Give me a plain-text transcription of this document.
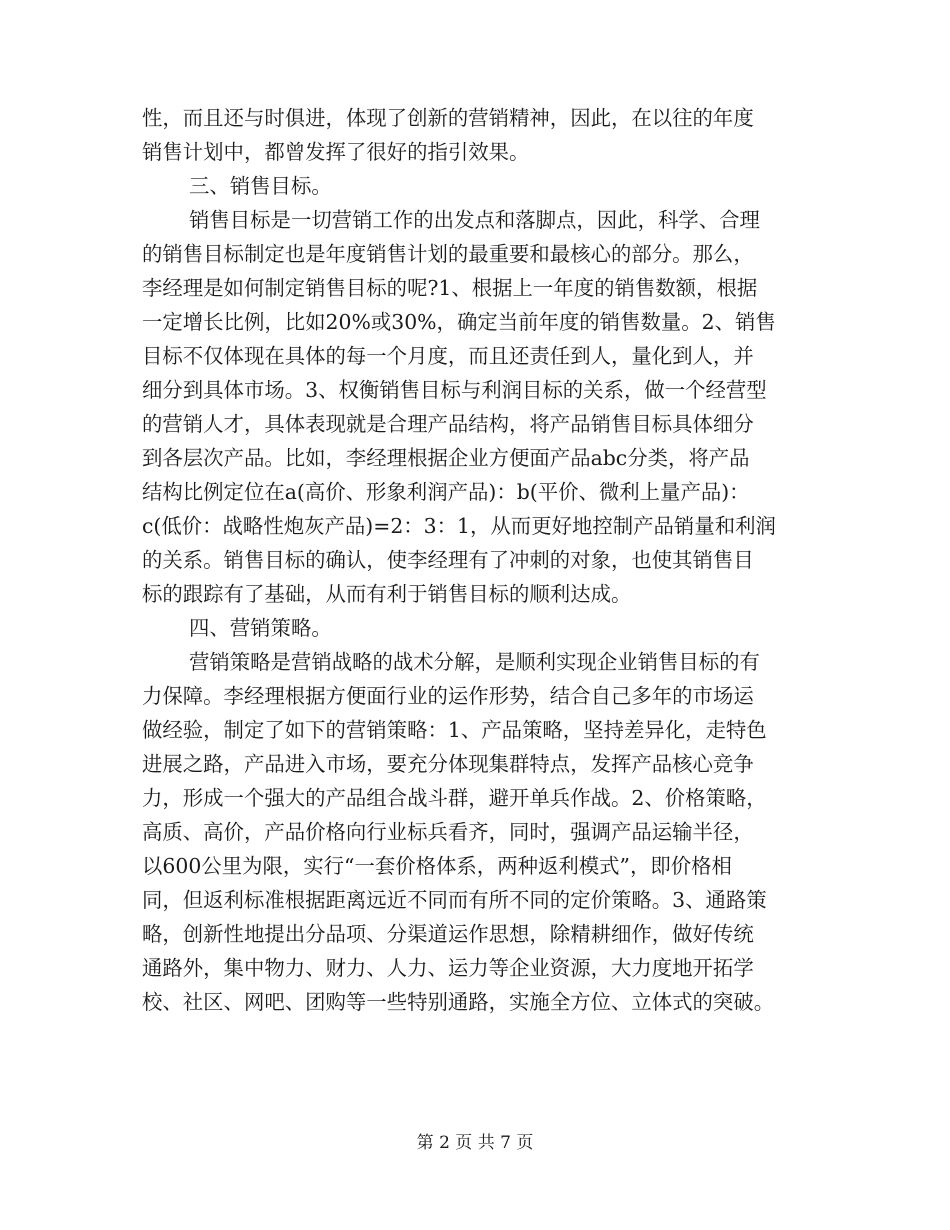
性，而且还与时俱进，体现了创新的营销精神，因此，在以往的年度
销售计划中，都曾发挥了很好的指引效果。
三、销售目标。
销售目标是一切营销工作的出发点和落脚点，因此，科学、合理
的销售目标制定也是年度销售计划的最重要和最核心的部分。那么，
李经理是如何制定销售目标的呢?1、根据上一年度的销售数额，根据
一定增长比例，比如20%或30%，确定当前年度的销售数量。2、销售
目标不仅体现在具体的每一个月度，而且还责任到人，量化到人，并
细分到具体市场。3、权衡销售目标与利润目标的关系，做一个经营型
的营销人才，具体表现就是合理产品结构，将产品销售目标具体细分
到各层次产品。比如，李经理根据企业方便面产品abc分类，将产品
结构比例定位在a(高价、形象利润产品)：b(平价、微利上量产品)：
c(低价：战略性炮灰产品)=2：3：1，从而更好地控制产品销量和利润
的关系。销售目标的确认，使李经理有了冲刺的对象，也使其销售目
标的跟踪有了基础，从而有利于销售目标的顺利达成。
四、营销策略。
营销策略是营销战略的战术分解，是顺利实现企业销售目标的有
力保障。李经理根据方便面行业的运作形势，结合自己多年的市场运
做经验，制定了如下的营销策略：1、产品策略，坚持差异化，走特色
进展之路，产品进入市场，要充分体现集群特点，发挥产品核心竞争
力，形成一个强大的产品组合战斗群，避开单兵作战。2、价格策略，
高质、高价，产品价格向行业标兵看齐，同时，强调产品运输半径，
以600公里为限，实行“一套价格体系，两种返利模式”，即价格相
同，但返利标准根据距离远近不同而有所不同的定价策略。3、通路策
略，创新性地提出分品项、分渠道运作思想，除精耕细作，做好传统
通路外，集中物力、财力、人力、运力等企业资源，大力度地开拓学
校、社区、网吧、团购等一些特别通路，实施全方位、立体式的突破。
第 2 页 共 7 页
